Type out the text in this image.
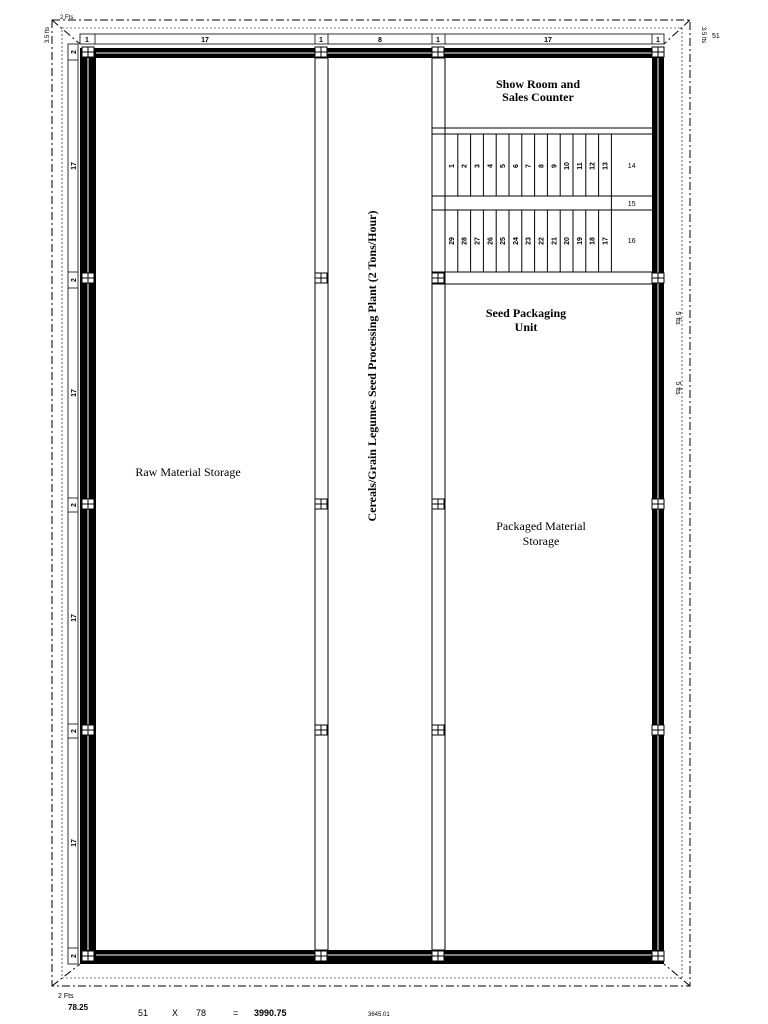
1 2 3 4 5 6 7 8 9 10 11 12 13
29 28 27 26 25 24 23 22 21 20 19 18 17
14
15
16
Raw Material Storage	Cereals/Grain Legumes Seed Processing Plant (2 Tons/Hour)
Show Room and
Sales Counter
Seed Packaging
Unit
Packaged Material
Storage
1	17	1	8	1	17	1
2
17
2
17
2
17
2
17
2
2 Fts
3.5 fts	3.5 fts 51
2 Fts
5 fts
5 fts
78.25
51	X 78	= 3990.75	3645.01
